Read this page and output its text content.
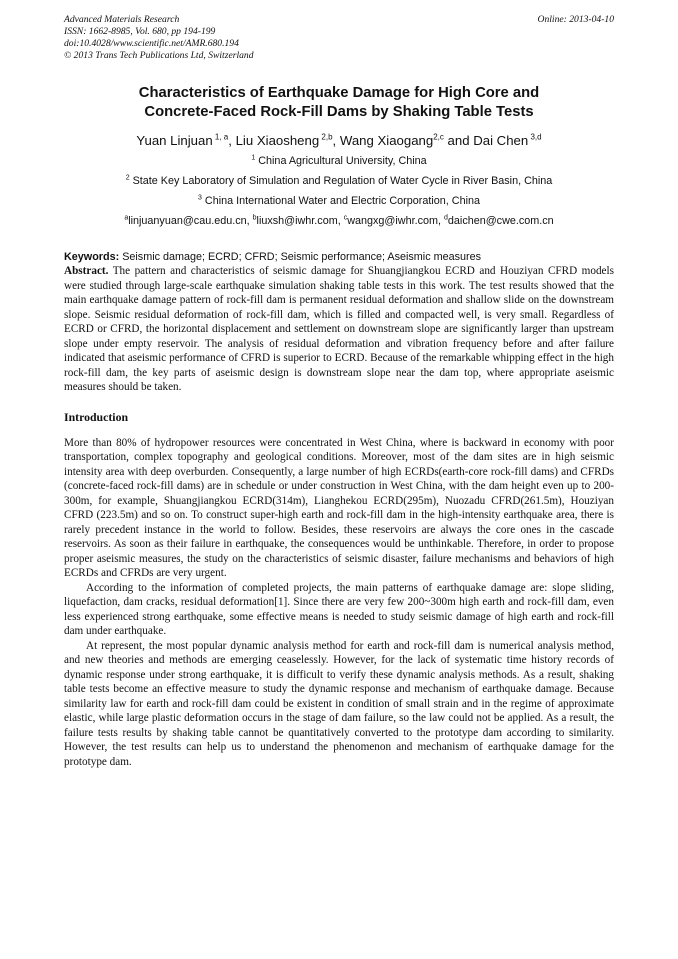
Advanced Materials Research
ISSN: 1662-8985, Vol. 680, pp 194-199
doi:10.4028/www.scientific.net/AMR.680.194
© 2013 Trans Tech Publications Ltd, Switzerland
Online: 2013-04-10
Characteristics of Earthquake Damage for High Core and
Concrete-Faced Rock-Fill Dams by Shaking Table Tests
Yuan Linjuan $^{1, a}$, Liu Xiaosheng $^{2,b}$, Wang Xiaogang$^{2,c}$ and Dai Chen $^{3,d}$
$^1$ China Agricultural University, China
$^2$ State Key Laboratory of Simulation and Regulation of Water Cycle in River Basin, China
$^3$ China International Water and Electric Corporation, China
$^a$linjuanyuan@cau.edu.cn, $^b$liuxsh@iwhr.com, $^c$wangxg@iwhr.com, $^d$daichen@cwe.com.cn
Keywords: Seismic damage; ECRD; CFRD; Seismic performance; Aseismic measures

Abstract. The pattern and characteristics of seismic damage for Shuangjiangkou ECRD and Houziyan CFRD models were studied through large-scale earthquake simulation shaking table tests in this work. The test results showed that the main earthquake damage pattern of rock-fill dam is permanent residual deformation and shallow slide on the downstream slope. Seismic residual deformation of rock-fill dam, which is filled and compacted well, is very small. Regardless of ECRD or CFRD, the horizontal displacement and settlement on downstream slope are significantly larger than upstream slope under empty reservoir. The analysis of residual deformation and vibration frequency before and after failure indicated that aseismic performance of CFRD is superior to ECRD. Because of the remarkable whipping effect in the high rock-fill dam, the key parts of aseismic design is downstream slope near the dam top, where appropriate aseismic measures should be taken.

Introduction

More than 80% of hydropower resources were concentrated in West China, where is backward in economy with poor transportation, complex topography and geological conditions. Moreover, most of the dam sites are in high seismic intensity area with deep overburden. Consequently, a large number of high ECRDs(earth-core rock-fill dams) and CFRDs (concrete-faced rock-fill dams) are in schedule or under construction in West China, with the dam height even up to 200-300m, for example, Shuangjiangkou ECRD(314m), Lianghekou ECRD(295m), Nuozadu CFRD(261.5m), Houziyan CFRD (223.5m) and so on. To construct super-high earth and rock-fill dam in the high-intensity earthquake area, there is rarely precedent instance in the world to follow. Besides, these reservoirs are always the core ones in the cascade reservoirs. As soon as their failure in earthquake, the consequences would be unthinkable. Therefore, in order to propose proper aseismic measures, the study on the characteristics of seismic disaster, failure mechanisms and behaviors of high ECRDs and CFRDs are very urgent.

According to the information of completed projects, the main patterns of earthquake damage are: slope sliding, liquefaction, dam cracks, residual deformation[1]. Since there are very few 200~300m high earth and rock-fill dam, even less experienced strong earthquake, some effective means is needed to study seismic damage of high earth and rock-fill dam under earthquake.

At represent, the most popular dynamic analysis method for earth and rock-fill dam is numerical analysis method, and new theories and methods are emerging ceaselessly. However, for the lack of systematic time history records of dynamic response under strong earthquake, it is difficult to verify these dynamic analysis methods. As a result, shaking table tests become an effective measure to study the dynamic response and mechanism of earthquake damage. Because similarity law for earth and rock-fill dam could be existent in condition of small strain and in the regime of approximate elastic, while large plastic deformation occurs in the stage of dam failure, so the law could not be applied. As a result, the failure tests results by shaking table cannot be quantitatively converted to the prototype dam according to similarity. However, the test results can help us to understand the phenomenon and mechanism of earthquake damage for the prototype dam.
